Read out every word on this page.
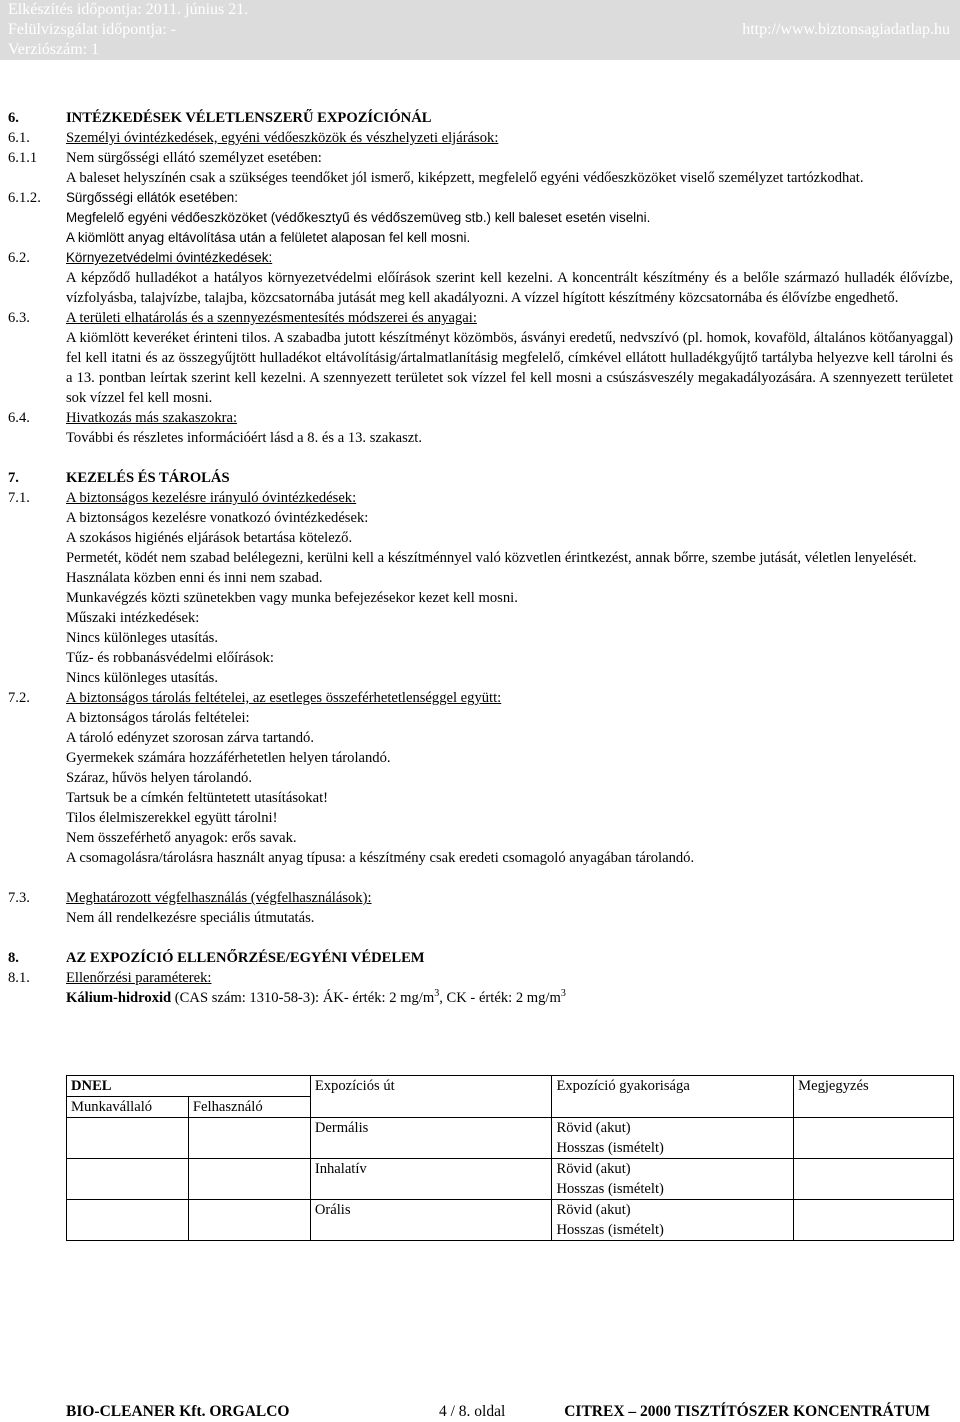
Elkészítés időpontja: 2011. június 21.
Felülvizsgálat időpontja: -
Verziószám: 1
http://www.biztonsagiadatlap.hu
6.	INTÉZKEDÉSEK VÉLETLENSZERŰ EXPOZÍCIÓNÁL
6.1. Személyi óvintézkedések, egyéni védőeszközök és vészhelyzeti eljárások:
6.1.1 Nem sürgősségi ellátó személyzet esetében:
A baleset helyszínén csak a szükséges teendőket jól ismerő, kiképzett, megfelelő egyéni védőeszközöket viselő személyzet tartózkodhat.
6.1.2. Sürgősségi ellátók esetében:
Megfelelő egyéni védőeszközöket (védőkesztyű és védőszemüveg stb.) kell baleset esetén viselni.
A kiömlött anyag eltávolítása után a felületet alaposan fel kell mosni.
6.2.	Környezetvédelmi óvintézkedések:
A képződő hulladékot a hatályos környezetvédelmi előírások szerint kell kezelni. A koncentrált készítmény és a belőle származó hulladék élővízbe, vízfolyásba, talajvízbe, talajba, közcsatornába jutását meg kell akadályozni. A vízzel hígított készítmény közcsatornába és élővízbe engedhető.
6.3. A területi elhatárolás és a szennyezésmentesítés módszerei és anyagai:
A kiömlött keveréket érinteni tilos. A szabadba jutott készítményt közömbös, ásványi eredetű, nedvszívó (pl. homok, kovaföld, általános kötőanyaggal) fel kell itatni és az összegyűjtött hulladékot eltávolításig/ártalmatlanításig megfelelő, címkével ellátott hulladékgyűjtő tartályba helyezve kell tárolni és a 13. pontban leírtak szerint kell kezelni. A szennyezett területet sok vízzel fel kell mosni a csúszásveszély megakadályozására. A szennyezett területet sok vízzel fel kell mosni.
6.4. Hivatkozás más szakaszokra:
További és részletes információért lásd a 8. és a 13. szakaszt.
7.	KEZELÉS ÉS TÁROLÁS
7.1. A biztonságos kezelésre irányuló óvintézkedések:
A biztonságos kezelésre vonatkozó óvintézkedések:
A szokásos higiénés eljárások betartása kötelező.
Permetét, ködét nem szabad belélegezni, kerülni kell a készítménnyel való közvetlen érintkezést, annak bőrre, szembe jutását, véletlen lenyelését.
Használata közben enni és inni nem szabad.
Munkavégzés közti szünetekben vagy munka befejezésekor kezet kell mosni.
Műszaki intézkedések:
Nincs különleges utasítás.
Tűz- és robbanásvédelmi előírások:
Nincs különleges utasítás.
7.2. A biztonságos tárolás feltételei, az esetleges összeférhetetlenséggel együtt:
A biztonságos tárolás feltételei:
A tároló edényzet szorosan zárva tartandó.
Gyermekek számára hozzáférhetetlen helyen tárolandó.
Száraz, hűvös helyen tárolandó.
Tartsuk be a címkén feltüntetett utasításokat!
Tilos élelmiszerekkel együtt tárolni!
Nem összeférhető anyagok: erős savak.
A csomagolásra/tárolásra használt anyag típusa: a készítmény csak eredeti csomagoló anyagában tárolandó.
7.3. Meghatározott végfelhasználás (végfelhasználások):
Nem áll rendelkezésre speciális útmutatás.
8.	AZ EXPOZÍCIÓ ELLENŐRZÉSE/EGYÉNI VÉDELEM
8.1. Ellenőrzési paraméterek:
Kálium-hidroxid (CAS szám: 1310-58-3): ÁK- érték: 2 $mg/m^3$, CK - érték: 2 $mg/m^3$
DNEL		Expozíciós út	Expozíció gyakorisága	Megjegyzés
Munkavállaló	Felhasználó			

		Dermális	Rövid (akut)
Hosszas (ismételt)	

		Inhalatív	Rövid (akut)
Hosszas (ismételt)	

		Orális	Rövid (akut)
Hosszas (ismételt)	

BIO-CLEANER Kft. ORGALCO	4 / 8. oldal	CITREX – 2000 TISZTÍTÓSZER KONCENTRÁTUM
